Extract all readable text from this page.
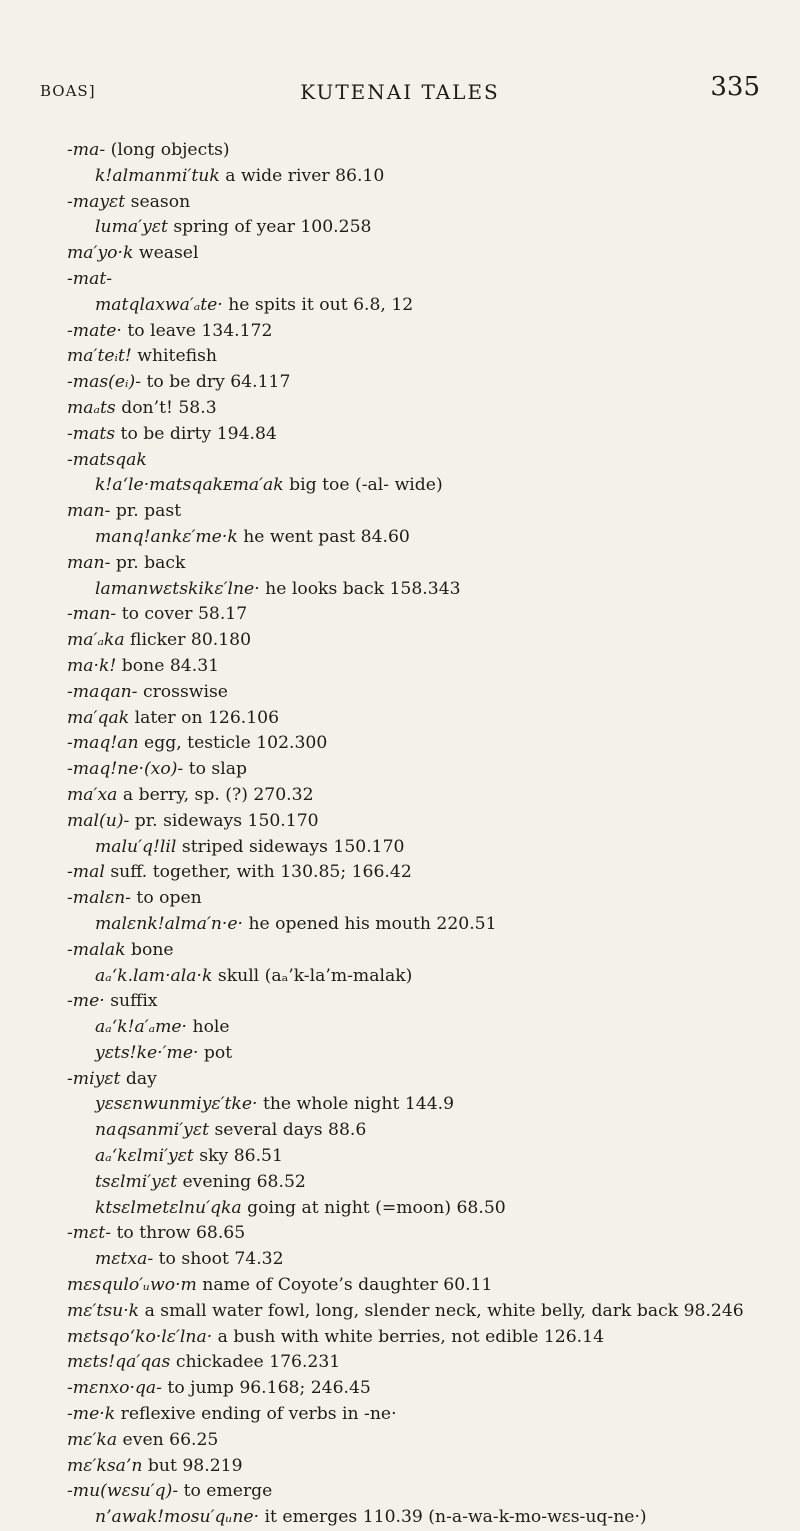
BOAS]	KUTENAI TALES	335
-ma- (long objects)
k!almanmi′tuk a wide river 86.10
-mayɛt season
luma′yɛt spring of year 100.258
ma′yo·k weasel
-mat-
matqlaxwa′ₐte· he spits it out 6.8, 12
-mate· to leave 134.172
ma′teᵢt! whitefish
-mas(eᵢ)- to be dry 64.117
maₐts don’t! 58.3
-mats to be dirty 194.84
-matsqak
k!a‘le·matsqakᴇma′ak big toe (-al- wide)
man- pr. past
manq!ankɛ′me·k he went past 84.60
man- pr. back
lamanwɛtskikɛ′lne· he looks back 158.343
-man- to cover 58.17
ma′ₐka flicker 80.180
ma·k! bone 84.31
-maqan- crosswise
ma′qak later on 126.106
-maq!an egg, testicle 102.300
-maq!ne·(xo)- to slap
ma′xa a berry, sp. (?) 270.32
mal(u)- pr. sideways 150.170
malu′q!lil striped sideways 150.170
-mal suff. together, with 130.85; 166.42
-malɛn- to open
malɛnk!alma′n·e· he opened his mouth 220.51
-malak bone
aₐ‘k.lam·ala·k skull (aₐ’k-la’m-malak)
-me· suffix
aₐ‘k!a′ₐme· hole
yɛts!ke·′me· pot
-miyɛt day
yɛsɛnwunmiyɛ′tke· the whole night 144.9
naqsanmi′yɛt several days 88.6
aₐ‘kɛlmi′yɛt sky 86.51
tsɛlmi′yɛt evening 68.52
ktsɛlmetɛlnu′qka going at night (=moon) 68.50
-mɛt- to throw 68.65
mɛtxa- to shoot 74.32
mɛsqulo′ᵤwo·m name of Coyote’s daughter 60.11
mɛ′tsu·k a small water fowl, long, slender neck, white belly, dark back 98.246
mɛtsqo‘ko·lɛ′lna· a bush with white berries, not edible 126.14
mɛts!qa′qas chickadee 176.231
-mɛnxo·qa- to jump 96.168; 246.45
-me·k reflexive ending of verbs in -ne·
mɛ′ka even 66.25
mɛ′ksa’n but 98.219
-mu(wɛsu′q)- to emerge
n’awak!mosu′qᵤne· it emerges 110.39 (n-a-wa-k-mo-wɛs-uq-ne·)
